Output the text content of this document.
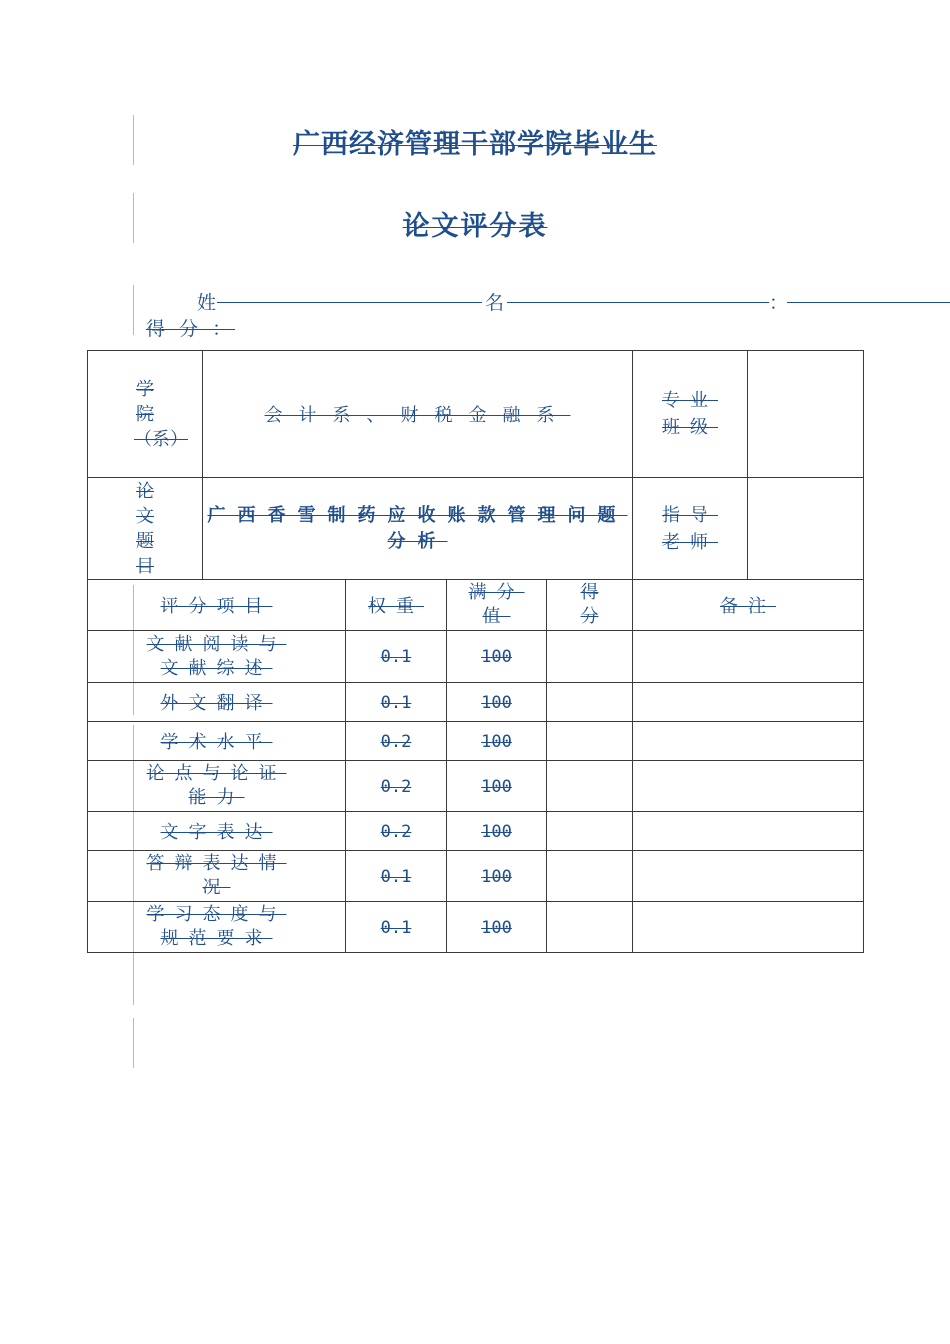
广西经济管理干部学院毕业生
论文评分表
姓	名	：
得 分 ：
学院（系）	会计系、财税金融系				专业班级	

论文题目	广西香雪制药应收账款管理问题分析				指导老师	

评分项目		权重	满分值	得分	备注	

文献阅读与文献综述		0.1	100			
外文翻译		0.1	100			
学术水平		0.2	100			

论点与论证能力		0.2	100			
文字表达		0.2	100			

答辩表达情况		0.1	100			

学习态度与规范要求		0.1	100			
